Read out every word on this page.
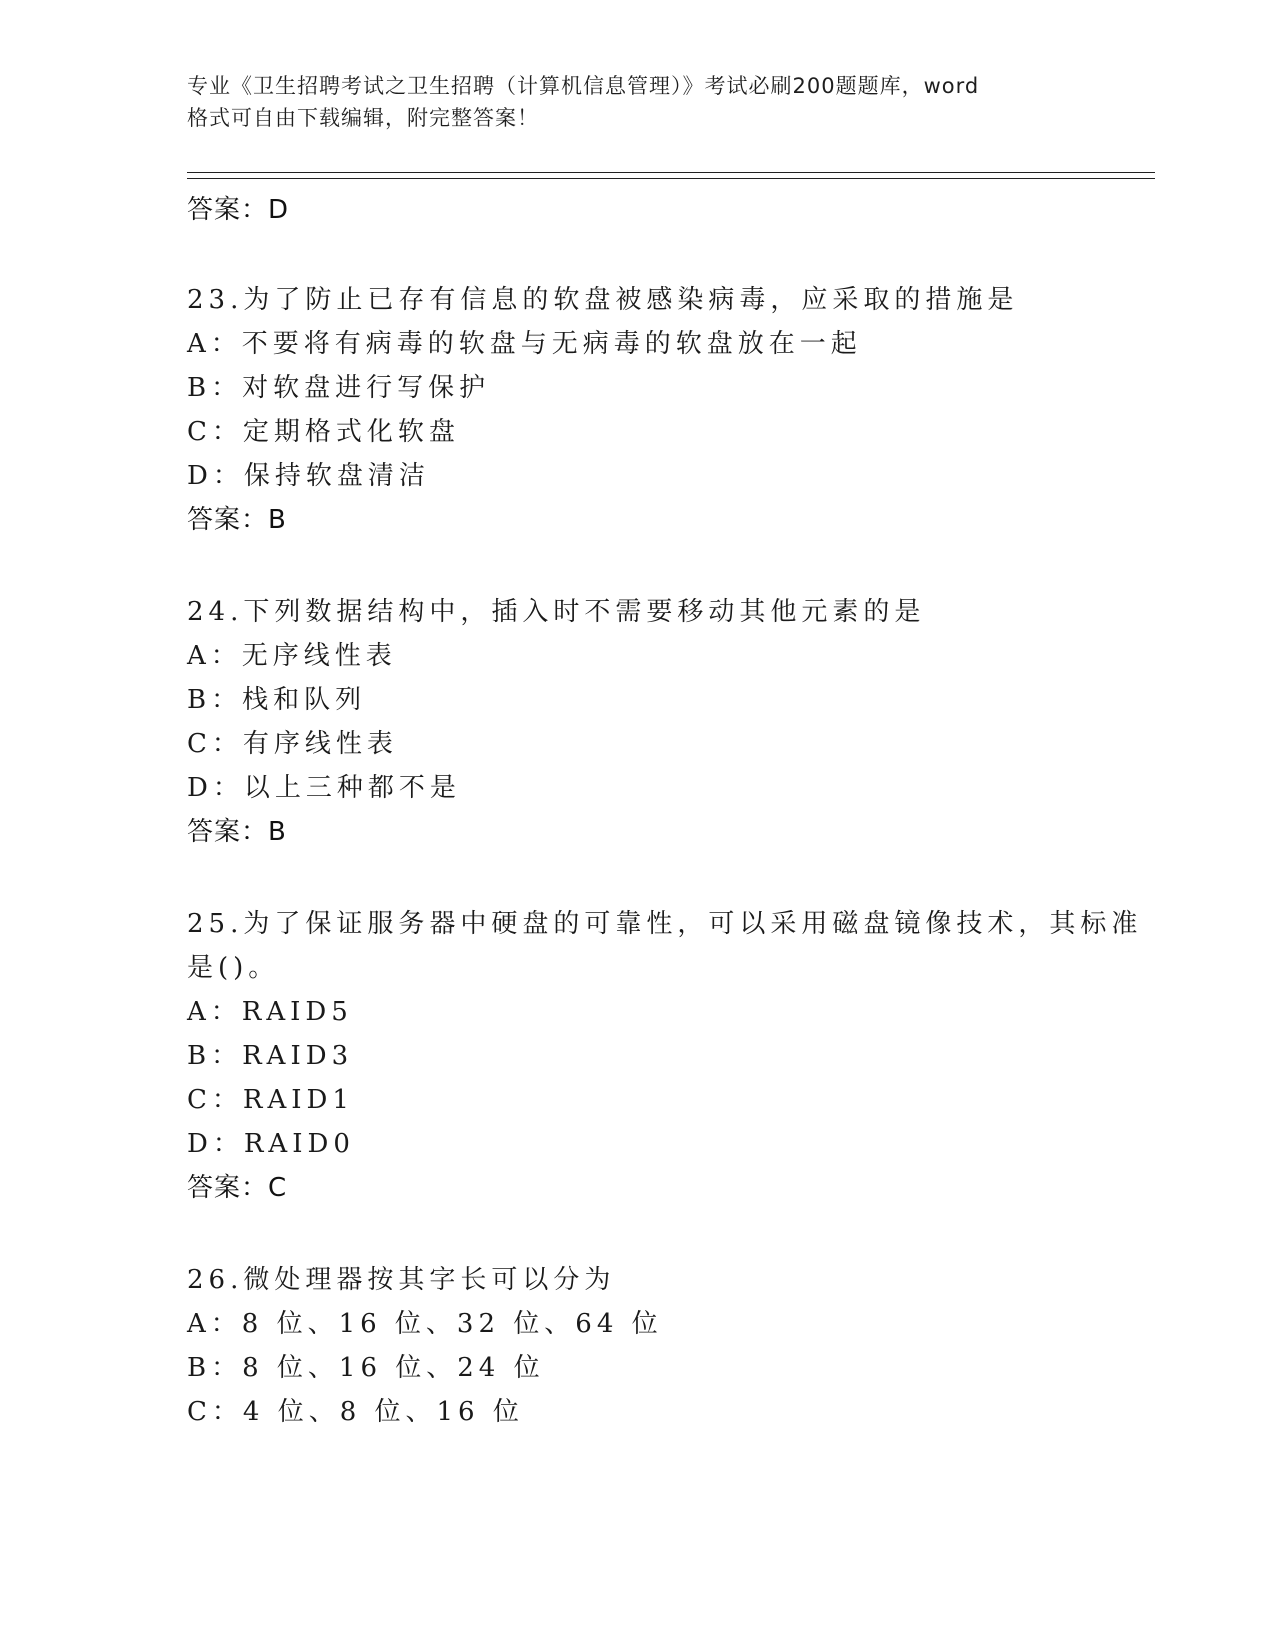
专业《卫生招聘考试之卫生招聘（计算机信息管理）》考试必刷200题题库，word
格式可自由下载编辑，附完整答案！
答案：D
23.为了防止已存有信息的软盘被感染病毒，应采取的措施是
A：不要将有病毒的软盘与无病毒的软盘放在一起
B：对软盘进行写保护
C：定期格式化软盘
D：保持软盘清洁
答案：B
24.下列数据结构中，插入时不需要移动其他元素的是
A：无序线性表
B：栈和队列
C：有序线性表
D：以上三种都不是
答案：B
25.为了保证服务器中硬盘的可靠性，可以采用磁盘镜像技术，其标准
是()。
A：RAID5
B：RAID3
C：RAID1
D：RAID0
答案：C
26.微处理器按其字长可以分为
A：8 位、16 位、32 位、64 位
B：8 位、16 位、24 位
C：4 位、8 位、16 位
